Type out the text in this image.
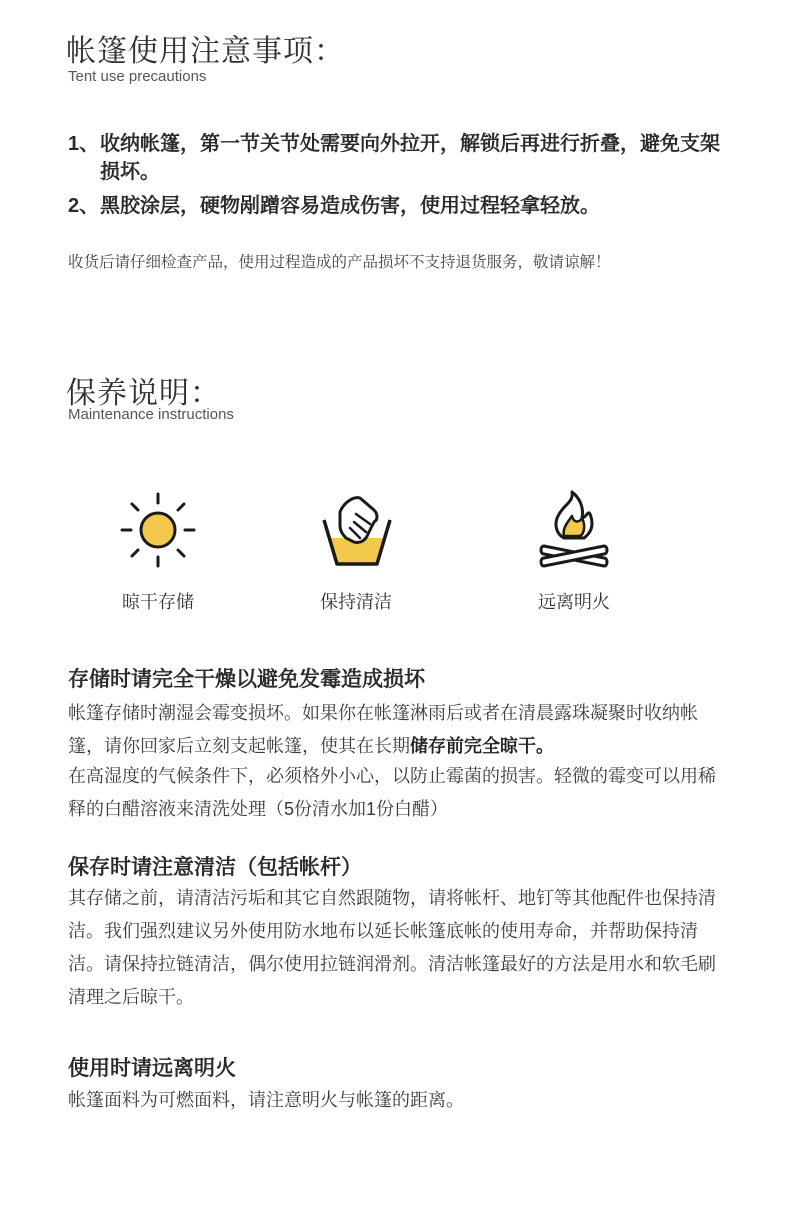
帐篷使用注意事项：
Tent use precautions
1、 收纳帐篷，第一节关节处需要向外拉开，解锁后再进行折叠，避免支架损坏。
2、 黑胶涂层，硬物剐蹭容易造成伤害，使用过程轻拿轻放。
收货后请仔细检查产品，使用过程造成的产品损坏不支持退货服务，敬请谅解！
保养说明：
Maintenance instructions
晾干存储	保持清洁	远离明火
存储时请完全干燥以避免发霉造成损坏
帐篷存储时潮湿会霉变损坏。如果你在帐篷淋雨后或者在清晨露珠凝聚时收纳帐篷，请你回家后立刻支起帐篷，使其在长期储存前完全晾干。
在高湿度的气候条件下，必须格外小心，以防止霉菌的损害。轻微的霉变可以用稀释的白醋溶液来清洗处理（5份清水加1份白醋）
保存时请注意清洁（包括帐杆）
其存储之前，请清洁污垢和其它自然跟随物，请将帐杆、地钉等其他配件也保持清洁。我们强烈建议另外使用防水地布以延长帐篷底帐的使用寿命，并帮助保持清洁。请保持拉链清洁，偶尔使用拉链润滑剂。清洁帐篷最好的方法是用水和软毛刷清理之后晾干。
使用时请远离明火
帐篷面料为可燃面料，请注意明火与帐篷的距离。
